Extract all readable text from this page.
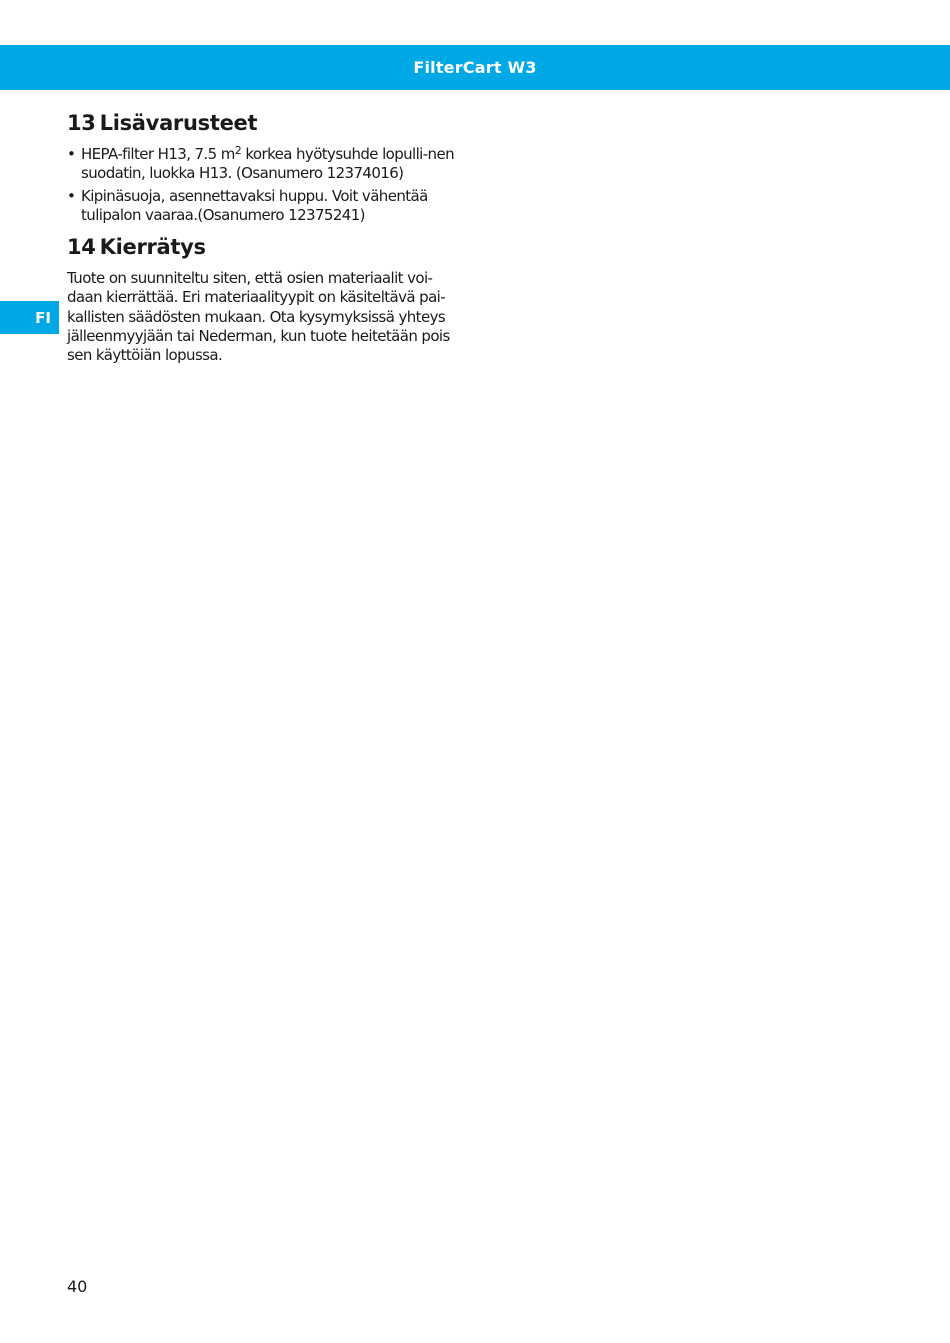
FilterCart W3
FI
13 Lisävarusteet
• HEPA-filter H13, 7.5 $m^2$ korkea hyötysuhde lopulli-nen suodatin, luokka H13. (Osanumero 12374016)
• Kipinäsuoja, asennettavaksi huppu. Voit vähentää tulipalon vaaraa.(Osanumero 12375241)
14 Kierrätys

Tuote on suunniteltu siten, että osien materiaalit voi-daan kierrättää. Eri materiaalityypit on käsiteltävä pai-kallisten säädösten mukaan. Ota kysymyksissä yhteys jälleenmyyjään tai Nederman, kun tuote heitetään pois sen käyttöiän lopussa.

40
